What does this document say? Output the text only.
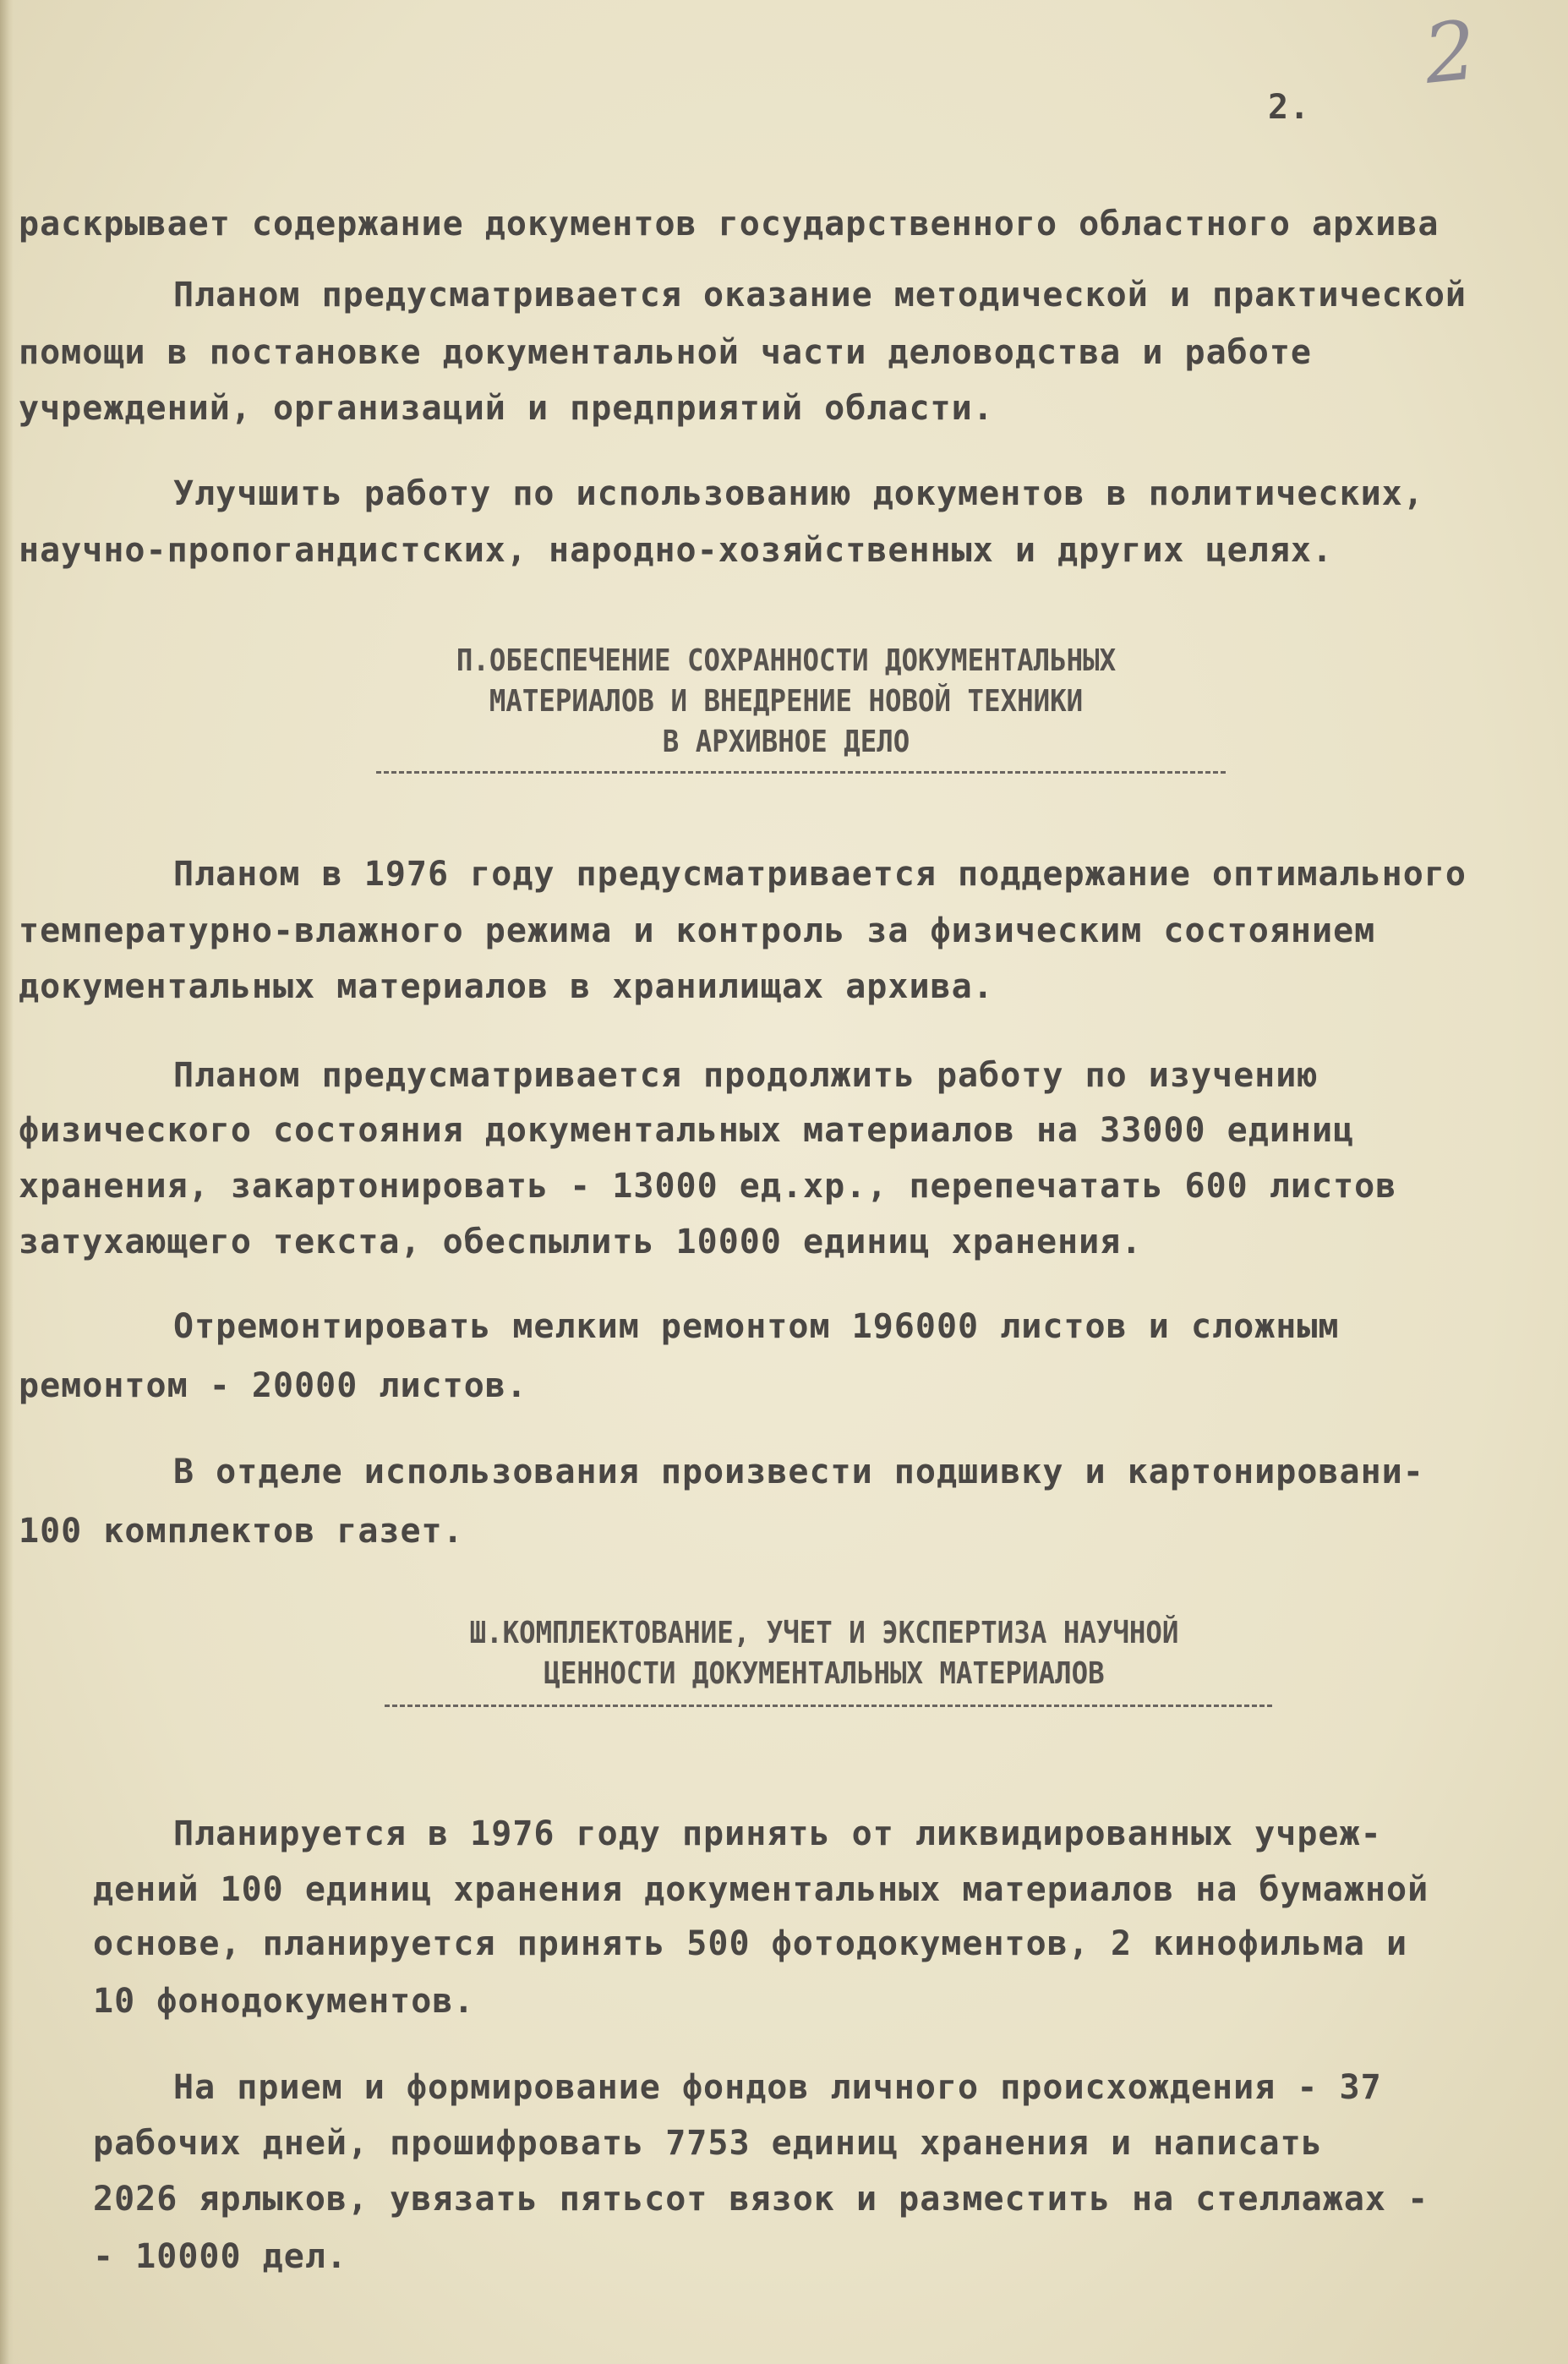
2.
2
раскрывает содержание документов государственного областного архива
Планом предусматривается оказание методической и практической
помощи в постановке документальной части деловодства и работе
учреждений, организаций и предприятий области.
Улучшить работу по использованию документов в политических,
научно-пропогандистских, народно-хозяйственных и других целях.
П.ОБЕСПЕЧЕНИЕ СОХРАННОСТИ ДОКУМЕНТАЛЬНЫХ
МАТЕРИАЛОВ И ВНЕДРЕНИЕ НОВОЙ ТЕХНИКИ
В АРХИВНОЕ ДЕЛО
Планом в 1976 году предусматривается поддержание оптимального
температурно-влажного режима и контроль за физическим состоянием
документальных материалов в хранилищах архива.
Планом предусматривается продолжить работу по изучению
физического состояния документальных материалов на 33000 единиц
хранения, закартонировать - 13000 ед.хр., перепечатать 600 листов
затухающего текста, обеспылить 10000 единиц хранения.
Отремонтировать мелким ремонтом 196000 листов и сложным
ремонтом - 20000 листов.
В отделе использования произвести подшивку и картонировани-
100 комплектов газет.
Ш.КОМПЛЕКТОВАНИЕ, УЧЕТ И ЭКСПЕРТИЗА НАУЧНОЙ
ЦЕННОСТИ ДОКУМЕНТАЛЬНЫХ МАТЕРИАЛОВ
Планируется в 1976 году принять от ликвидированных учреж-
дений 100 единиц хранения документальных материалов на бумажной
основе, планируется принять 500 фотодокументов, 2 кинофильма и
10 фонодокументов.
На прием и формирование фондов личного происхождения - 37
рабочих дней, прошифровать 7753 единиц хранения и написать
2026 ярлыков, увязать пятьсот вязок и разместить на стеллажах -
- 10000 дел.
